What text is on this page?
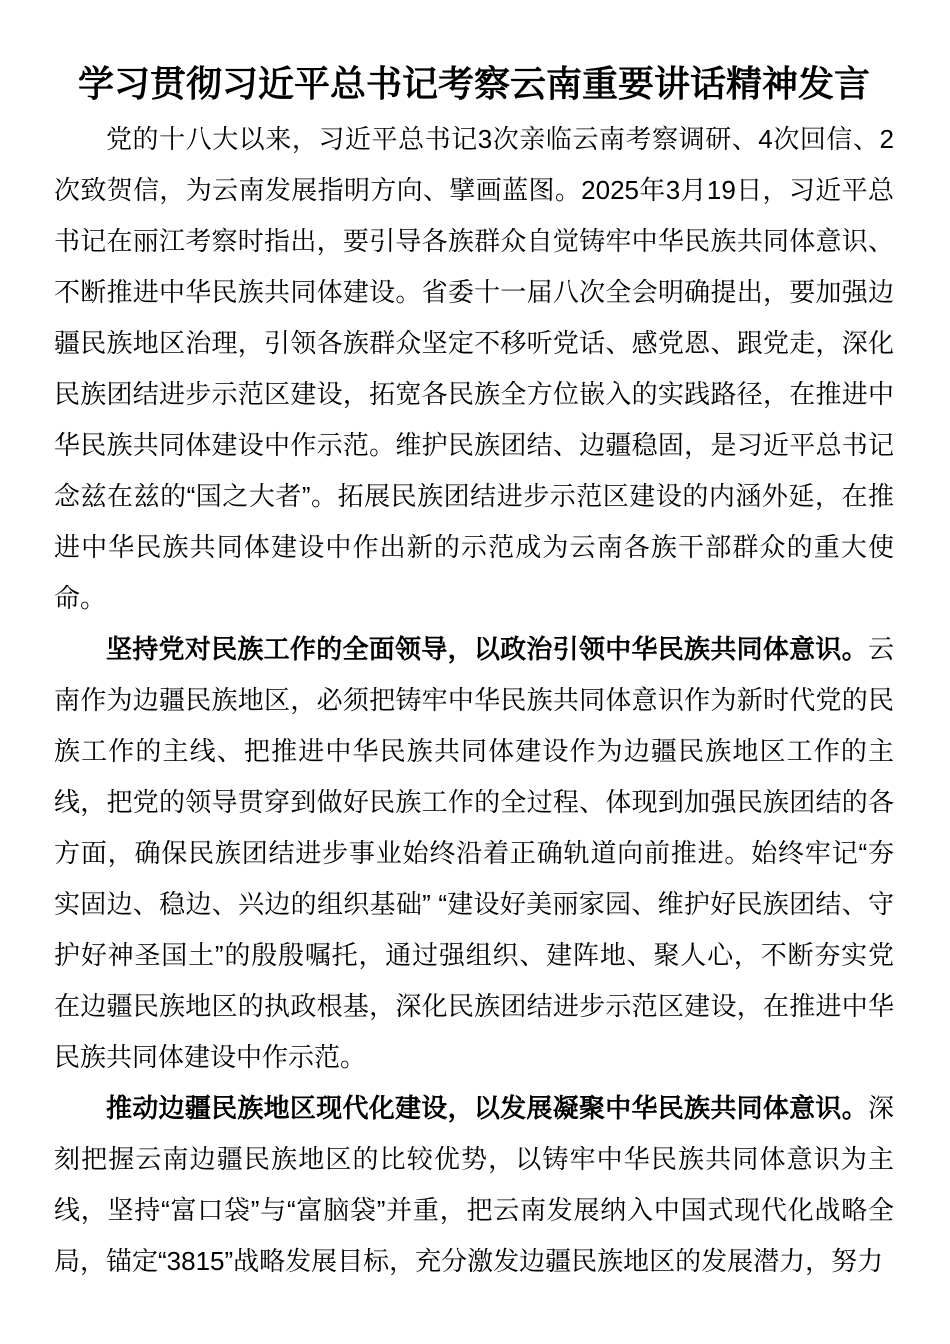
学习贯彻习近平总书记考察云南重要讲话精神发言

党的十八大以来，习近平总书记3次亲临云南考察调研、4次回信、2次致贺信，为云南发展指明方向、擘画蓝图。2025年3月19日，习近平总书记在丽江考察时指出，要引导各族群众自觉铸牢中华民族共同体意识、不断推进中华民族共同体建设。省委十一届八次全会明确提出，要加强边疆民族地区治理，引领各族群众坚定不移听党话、感党恩、跟党走，深化民族团结进步示范区建设，拓宽各民族全方位嵌入的实践路径，在推进中华民族共同体建设中作示范。维护民族团结、边疆稳固，是习近平总书记念兹在兹的“国之大者”。拓展民族团结进步示范区建设的内涵外延，在推进中华民族共同体建设中作出新的示范成为云南各族干部群众的重大使命。

坚持党对民族工作的全面领导，以政治引领中华民族共同体意识。云南作为边疆民族地区，必须把铸牢中华民族共同体意识作为新时代党的民族工作的主线、把推进中华民族共同体建设作为边疆民族地区工作的主线，把党的领导贯穿到做好民族工作的全过程、体现到加强民族团结的各方面，确保民族团结进步事业始终沿着正确轨道向前推进。始终牢记“夯实固边、稳边、兴边的组织基础” “建设好美丽家园、维护好民族团结、守护好神圣国土”的殷殷嘱托，通过强组织、建阵地、聚人心，不断夯实党在边疆民族地区的执政根基，深化民族团结进步示范区建设，在推进中华民族共同体建设中作示范。

推动边疆民族地区现代化建设，以发展凝聚中华民族共同体意识。深刻把握云南边疆民族地区的比较优势，以铸牢中华民族共同体意识为主线，坚持“富口袋”与“富脑袋”并重，把云南发展纳入中国式现代化战略全局，锚定“3815”战略发展目标，充分激发边疆民族地区的发展潜力，努力
